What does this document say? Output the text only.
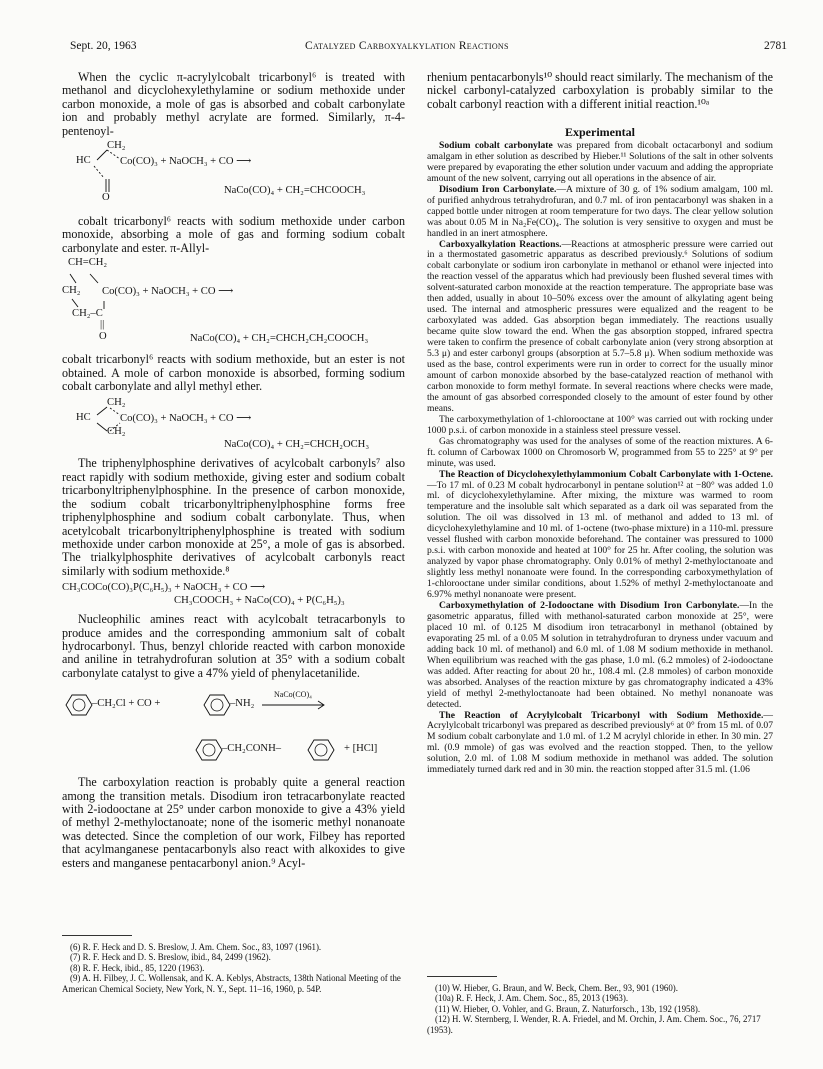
Sept. 20, 1963	Catalyzed Carboxyalkylation Reactions	2781

When the cyclic π-acrylylcobalt tricarbonyl⁶ is treated with methanol and dicyclohexylethylamine or sodium methoxide under carbon monoxide, a mole of gas is absorbed and cobalt carbonylate ion and probably methyl acrylate are formed. Similarly, π-4-pentenoyl-

CH₂
HC	Co(CO)₃ + NaOCH₃ + CO ⟶
O
NaCo(CO)₄ + CH₂=CHCOOCH₃

cobalt tricarbonyl⁶ reacts with sodium methoxide under carbon monoxide, absorbing a mole of gas and forming sodium cobalt carbonylate and ester. π-Allyl-

CH=CH₂
CH₂ Co(CO)₃ + NaOCH₃ + CO ⟶
CH₂–C
||
O	NaCo(CO)₄ + CH₂=CHCH₂CH₂COOCH₃

cobalt tricarbonyl⁶ reacts with sodium methoxide, but an ester is not obtained. A mole of carbon monoxide is absorbed, forming sodium cobalt carbonylate and allyl methyl ether.

CH₂
HC	Co(CO)₃ + NaOCH₃ + CO ⟶
CH₂
NaCo(CO)₄ + CH₂=CHCH₂OCH₃

The triphenylphosphine derivatives of acylcobalt carbonyls⁷ also react rapidly with sodium methoxide, giving ester and sodium cobalt tricarbonyltriphenylphosphine. In the presence of carbon monoxide, the sodium cobalt tricarbonyltriphenylphosphine forms free triphenylphosphine and sodium cobalt carbonylate. Thus, when acetylcobalt tricarbonyltriphenylphosphine is treated with sodium methoxide under carbon monoxide at 25°, a mole of gas is absorbed. The trialkylphosphite derivatives of acylcobalt carbonyls react similarly with sodium methoxide.⁸

CH₃COCo(CO)₃P(C₆H₅)₃ + NaOCH₃ + CO ⟶
CH₃COOCH₃ + NaCo(CO)₄ + P(C₆H₅)₃

Nucleophilic amines react with acylcobalt tetracarbonyls to produce amides and the corresponding ammonium salt of cobalt hydrocarbonyl. Thus, benzyl chloride reacted with carbon monoxide and aniline in tetrahydrofuran solution at 35° with a sodium cobalt carbonylate catalyst to give a 47% yield of phenylacetanilide.

–CH₂Cl + CO +	–NH₂
NaCo(CO)₄
–CH₂CONH–	+ [HCl]

The carboxylation reaction is probably quite a general reaction among the transition metals. Disodium iron tetracarbonylate reacted with 2-iodooctane at 25° under carbon monoxide to give a 43% yield of methyl 2-methyloctanoate; none of the isomeric methyl nonanoate was detected. Since the completion of our work, Filbey has reported that acylmanganese pentacarbonyls also react with alkoxides to give esters and manganese pentacarbonyl anion.⁹ Acyl-

(6) R. F. Heck and D. S. Breslow, J. Am. Chem. Soc., 83, 1097 (1961).

(7) R. F. Heck and D. S. Breslow, ibid., 84, 2499 (1962).

(8) R. F. Heck, ibid., 85, 1220 (1963).

(9) A. H. Filbey, J. C. Wollensak, and K. A. Keblys, Abstracts, 138th National Meeting of the American Chemical Society, New York, N. Y., Sept. 11–16, 1960, p. 54P.

rhenium pentacarbonyls¹⁰ should react similarly. The mechanism of the nickel carbonyl-catalyzed carboxylation is probably similar to the cobalt carbonyl reaction with a different initial reaction.¹⁰ᵃ

Experimental

Sodium cobalt carbonylate was prepared from dicobalt octacarbonyl and sodium amalgam in ether solution as described by Hieber.¹¹ Solutions of the salt in other solvents were prepared by evaporating the ether solution under vacuum and adding the appropriate amount of the new solvent, carrying out all operations in the absence of air.

Disodium Iron Carbonylate.—A mixture of 30 g. of 1% sodium amalgam, 100 ml. of purified anhydrous tetrahydrofuran, and 0.7 ml. of iron pentacarbonyl was shaken in a capped bottle under nitrogen at room temperature for two days. The clear yellow solution was about 0.05 M in Na₂Fe(CO)₄. The solution is very sensitive to oxygen and must be handled in an inert atmosphere.

Carboxyalkylation Reactions.—Reactions at atmospheric pressure were carried out in a thermostated gasometric apparatus as described previously.⁶ Solutions of sodium cobalt carbonylate or sodium iron carbonylate in methanol or ethanol were injected into the reaction vessel of the apparatus which had previously been flushed several times with solvent-saturated carbon monoxide at the reaction temperature. The appropriate base was then added, usually in about 10–50% excess over the amount of alkylating agent being used. The internal and atmospheric pressures were equalized and the reagent to be carboxylated was added. Gas absorption began immediately. The reactions usually became quite slow toward the end. When the gas absorption stopped, infrared spectra were taken to confirm the presence of cobalt carbonylate anion (very strong absorption at 5.3 μ) and ester carbonyl groups (absorption at 5.7–5.8 μ). When sodium methoxide was used as the base, control experiments were run in order to correct for the usually minor amount of carbon monoxide absorbed by the base-catalyzed reaction of methanol with carbon monoxide to form methyl formate. In several reactions where checks were made, the amount of gas absorbed corresponded closely to the amount of ester found by other means.

The carboxymethylation of 1-chlorooctane at 100° was carried out with rocking under 1000 p.s.i. of carbon monoxide in a stainless steel pressure vessel.

Gas chromatography was used for the analyses of some of the reaction mixtures. A 6-ft. column of Carbowax 1000 on Chromosorb W, programmed from 55 to 225° at 9° per minute, was used.

The Reaction of Dicyclohexylethylammonium Cobalt Carbonylate with 1-Octene.—To 17 ml. of 0.23 M cobalt hydrocarbonyl in pentane solution¹² at −80° was added 1.0 ml. of dicyclohexylethylamine. After mixing, the mixture was warmed to room temperature and the insoluble salt which separated as a dark oil was separated from the solution. The oil was dissolved in 13 ml. of methanol and added to 13 ml. of dicyclohexylethylamine and 10 ml. of 1-octene (two-phase mixture) in a 110-ml. pressure vessel flushed with carbon monoxide beforehand. The container was pressured to 1000 p.s.i. with carbon monoxide and heated at 100° for 25 hr. After cooling, the solution was analyzed by vapor phase chromatography. Only 0.01% of methyl 2-methyloctanoate and slightly less methyl nonanoate were found. In the corresponding carboxymethylation of 1-chlorooctane under similar conditions, about 1.52% of methyl 2-methyloctanoate and 6.97% methyl nonanoate were present.

Carboxymethylation of 2-Iodooctane with Disodium Iron Carbonylate.—In the gasometric apparatus, filled with methanol-saturated carbon monoxide at 25°, were placed 10 ml. of 0.125 M disodium iron tetracarbonyl in methanol (obtained by evaporating 25 ml. of a 0.05 M solution in tetrahydrofuran to dryness under vacuum and adding back 10 ml. of methanol) and 6.0 ml. of 1.08 M sodium methoxide in methanol. When equilibrium was reached with the gas phase, 1.0 ml. (6.2 mmoles) of 2-iodooctane was added. After reacting for about 20 hr., 108.4 ml. (2.8 mmoles) of carbon monoxide was absorbed. Analyses of the reaction mixture by gas chromatography indicated a 43% yield of methyl 2-methyloctanoate had been obtained. No methyl nonanoate was detected.

The Reaction of Acrylylcobalt Tricarbonyl with Sodium Methoxide.—Acrylylcobalt tricarbonyl was prepared as described previously⁶ at 0° from 15 ml. of 0.07 M sodium cobalt carbonylate and 1.0 ml. of 1.2 M acrylyl chloride in ether. In 30 min. 27 ml. (0.9 mmole) of gas was evolved and the reaction stopped. Then, to the yellow solution, 2.0 ml. of 1.08 M sodium methoxide in methanol was added. The solution immediately turned dark red and in 30 min. the reaction stopped after 31.5 ml. (1.06

(10) W. Hieber, G. Braun, and W. Beck, Chem. Ber., 93, 901 (1960).

(10a) R. F. Heck, J. Am. Chem. Soc., 85, 2013 (1963).

(11) W. Hieber, O. Vohler, and G. Braun, Z. Naturforsch., 13b, 192 (1958).

(12) H. W. Sternberg, I. Wender, R. A. Friedel, and M. Orchin, J. Am. Chem. Soc., 76, 2717 (1953).
